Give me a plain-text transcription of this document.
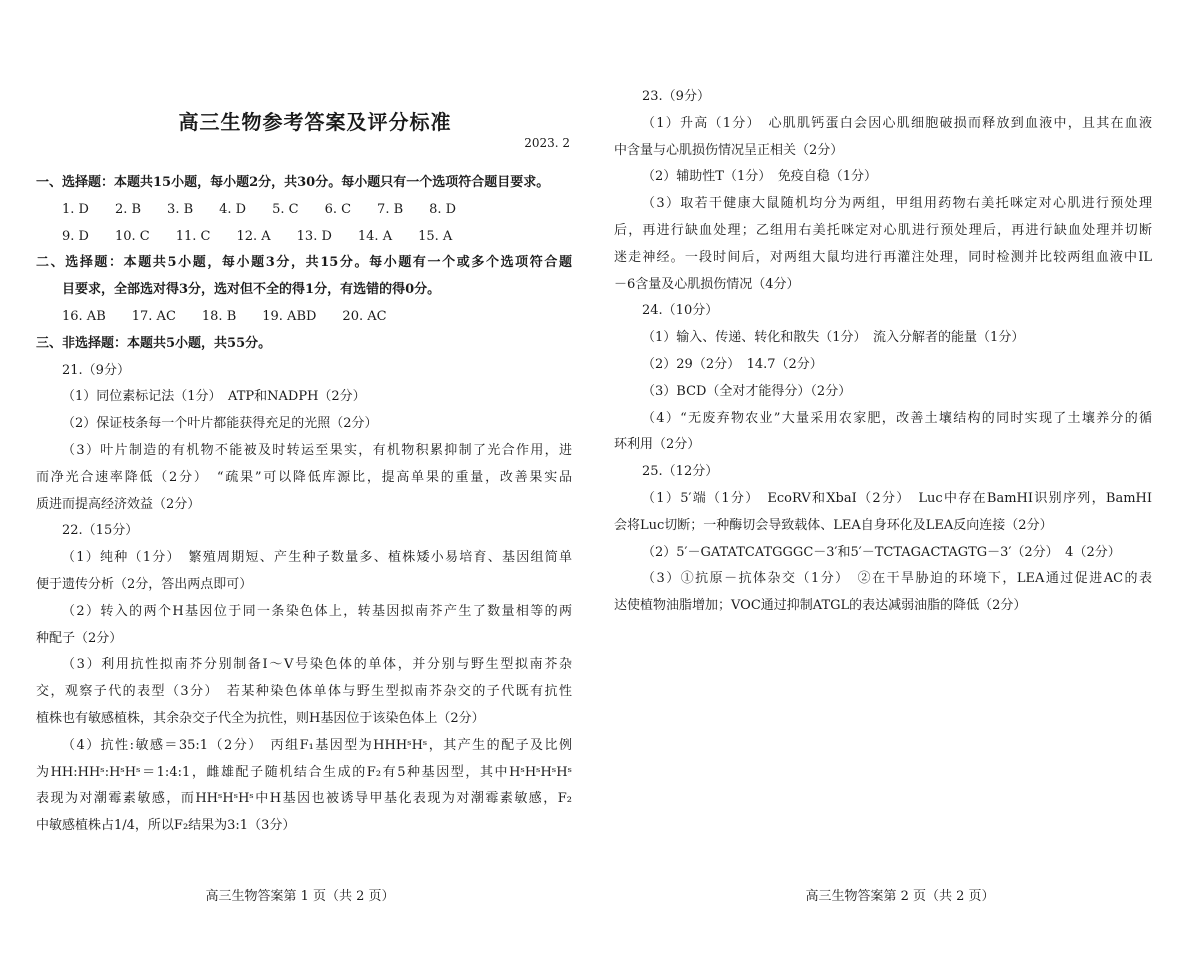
高三生物参考答案及评分标准
2023. 2
一、选择题：本题共15小题，每小题2分，共30分。每小题只有一个选项符合题目要求。
1. D　　2. B　　3. B　　4. D　　5. C　　6. C　　7. B　　8. D
9. D　　10. C　　11. C　　12. A　　13. D　　14. A　　15. A
二、选择题：本题共5小题，每小题3分，共15分。每小题有一个或多个选项符合题
目要求，全部选对得3分，选对但不全的得1分，有选错的得0分。
16. AB　　17. AC　　18. B　　19. ABD　　20. AC
三、非选择题：本题共5小题，共55分。
21.（9分）
（1）同位素标记法（1分）　ATP和NADPH（2分）
（2）保证枝条每一个叶片都能获得充足的光照（2分）
（3）叶片制造的有机物不能被及时转运至果实，有机物积累抑制了光合作用，进
而净光合速率降低（2分）　“疏果”可以降低库源比，提高单果的重量，改善果实品
质进而提高经济效益（2分）
22.（15分）
（1）纯种（1分）　繁殖周期短、产生种子数量多、植株矮小易培育、基因组简单
便于遗传分析（2分，答出两点即可）
（2）转入的两个H基因位于同一条染色体上，转基因拟南芥产生了数量相等的两
种配子（2分）
（3）利用抗性拟南芥分别制备Ⅰ～Ⅴ号染色体的单体，并分别与野生型拟南芥杂
交，观察子代的表型（3分）　若某种染色体单体与野生型拟南芥杂交的子代既有抗性
植株也有敏感植株，其余杂交子代全为抗性，则H基因位于该染色体上（2分）
（4）抗性:敏感＝35:1（2分）　丙组F₁基因型为HHHˢHˢ，其产生的配子及比例
为HH:HHˢ:HˢHˢ＝1:4:1，雌雄配子随机结合生成的F₂有5种基因型，其中HˢHˢHˢHˢ
表现为对潮霉素敏感，而HHˢHˢHˢ中H基因也被诱导甲基化表现为对潮霉素敏感，F₂
中敏感植株占1/4，所以F₂结果为3:1（3分）
高三生物答案第 1 页（共 2 页）
23.（9分）
（1）升高（1分）　心肌肌钙蛋白会因心肌细胞破损而释放到血液中，且其在血液
中含量与心肌损伤情况呈正相关（2分）
（2）辅助性T（1分）　免疫自稳（1分）
（3）取若干健康大鼠随机均分为两组，甲组用药物右美托咪定对心肌进行预处理
后，再进行缺血处理；乙组用右美托咪定对心肌进行预处理后，再进行缺血处理并切断
迷走神经。一段时间后，对两组大鼠均进行再灌注处理，同时检测并比较两组血液中IL
－6含量及心肌损伤情况（4分）
24.（10分）
（1）输入、传递、转化和散失（1分）　流入分解者的能量（1分）
（2）29（2分）　14.7（2分）
（3）BCD（全对才能得分）（2分）
（4）“无废弃物农业”大量采用农家肥，改善土壤结构的同时实现了土壤养分的循
环利用（2分）
25.（12分）
（1）5′端（1分）　EcoRV和XbaI（2分）　Luc中存在BamHI识别序列，BamHI
会将Luc切断；一种酶切会导致载体、LEA自身环化及LEA反向连接（2分）
（2）5′－GATATCATGGGC－3′和5′－TCTAGACTAGTG－3′（2分）　4（2分）
（3）①抗原－抗体杂交（1分）　②在干旱胁迫的环境下，LEA通过促进AC的表
达使植物油脂增加；VOC通过抑制ATGL的表达减弱油脂的降低（2分）
高三生物答案第 2 页（共 2 页）
